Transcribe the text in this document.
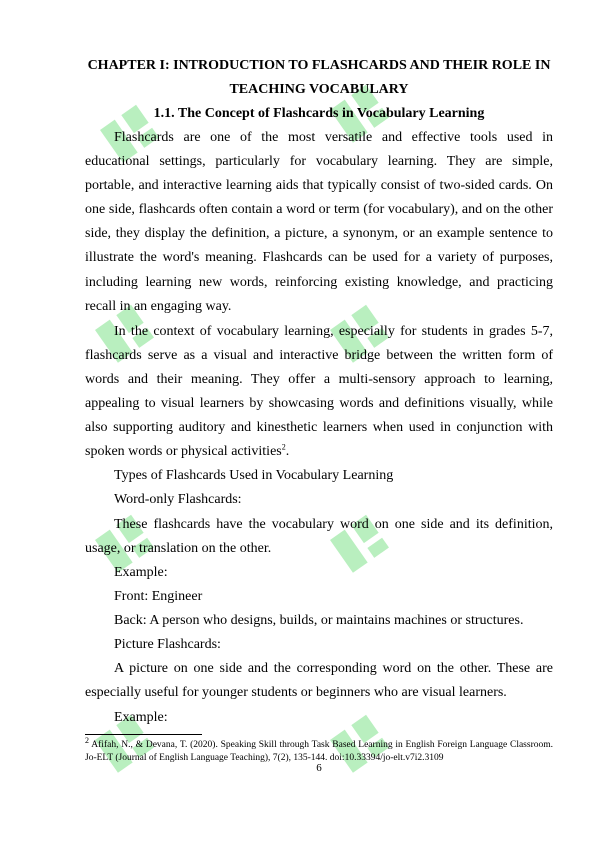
CHAPTER I: INTRODUCTION TO FLASHCARDS AND THEIR ROLE IN TEACHING VOCABULARY
1.1. The Concept of Flashcards in Vocabulary Learning

Flashcards are one of the most versatile and effective tools used in educational settings, particularly for vocabulary learning. They are simple, portable, and interactive learning aids that typically consist of two-sided cards. On one side, flashcards often contain a word or term (for vocabulary), and on the other side, they display the definition, a picture, a synonym, or an example sentence to illustrate the word's meaning. Flashcards can be used for a variety of purposes, including learning new words, reinforcing existing knowledge, and practicing recall in an engaging way.

In the context of vocabulary learning, especially for students in grades 5-7, flashcards serve as a visual and interactive bridge between the written form of words and their meaning. They offer a multi-sensory approach to learning, appealing to visual learners by showcasing words and definitions visually, while also supporting auditory and kinesthetic learners when used in conjunction with spoken words or physical activities$^2$.

Types of Flashcards Used in Vocabulary Learning

Word-only Flashcards:

These flashcards have the vocabulary word on one side and its definition, usage, or translation on the other.

Example:

Front: Engineer

Back: A person who designs, builds, or maintains machines or structures.

Picture Flashcards:

A picture on one side and the corresponding word on the other. These are especially useful for younger students or beginners who are visual learners.

Example:

$^2$ Afifah, N., & Devana, T. (2020). Speaking Skill through Task Based Learning in English Foreign Language Classroom. Jo-ELT (Journal of English Language Teaching), 7(2), 135-144. doi:10.33394/jo-elt.v7i2.3109

6
